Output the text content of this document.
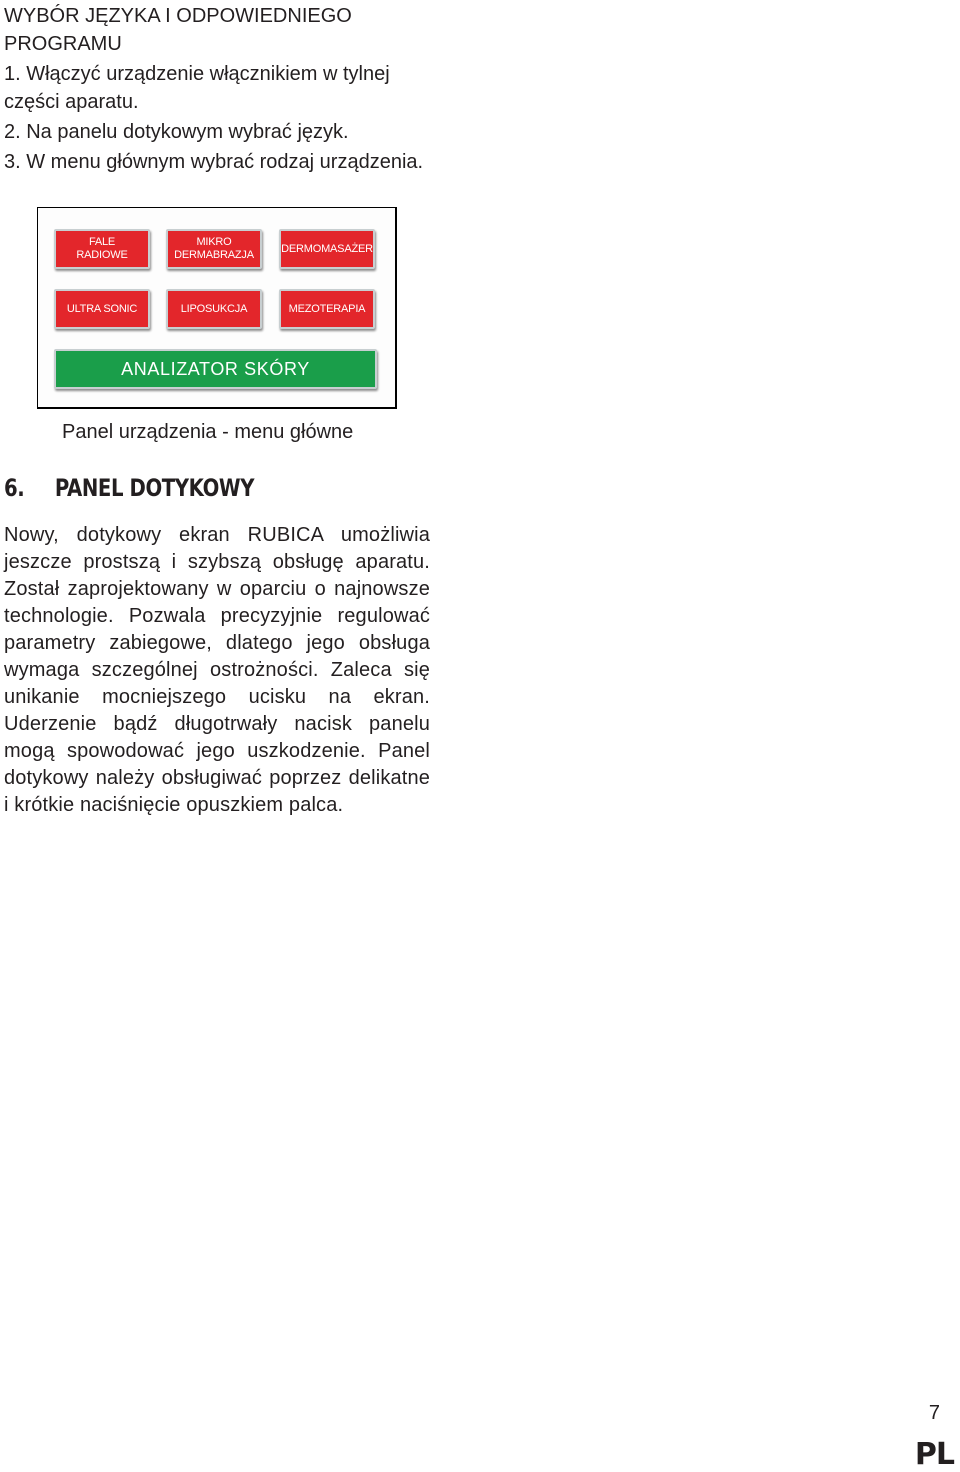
WYBÓR JĘZYKA I ODPOWIEDNIEGO PROGRAMU

1. Włączyć urządzenie włącznikiem w tylnej części aparatu.
2. Na panelu dotykowym wybrać język.
3. W menu głównym wybrać rodzaj urządzenia.
FALE
RADIOWE
MIKRO
DERMABRAZJA
DERMOMASAŻER
ULTRA SONIC	LIPOSUKCJA	MEZOTERAPIA
ANALIZATOR SKÓRY
Panel urządzenia - menu główne
6. PANEL DOTYKOWY

Nowy, dotykowy ekran RUBICA umożliwia jeszcze prostszą i szybszą obsługę aparatu. Został zaprojektowany w oparciu o najnowsze technologie. Pozwala precyzyjnie regulować parametry zabiegowe, dlatego jego obsługa wymaga szczególnej ostrożności. Zaleca się unikanie mocniejszego ucisku na ekran. Uderzenie bądź długotrwały nacisk panelu mogą spowodować jego uszkodzenie. Panel dotykowy należy obsługiwać poprzez delikatne i krótkie naciśnięcie opuszkiem palca.

7
PL
